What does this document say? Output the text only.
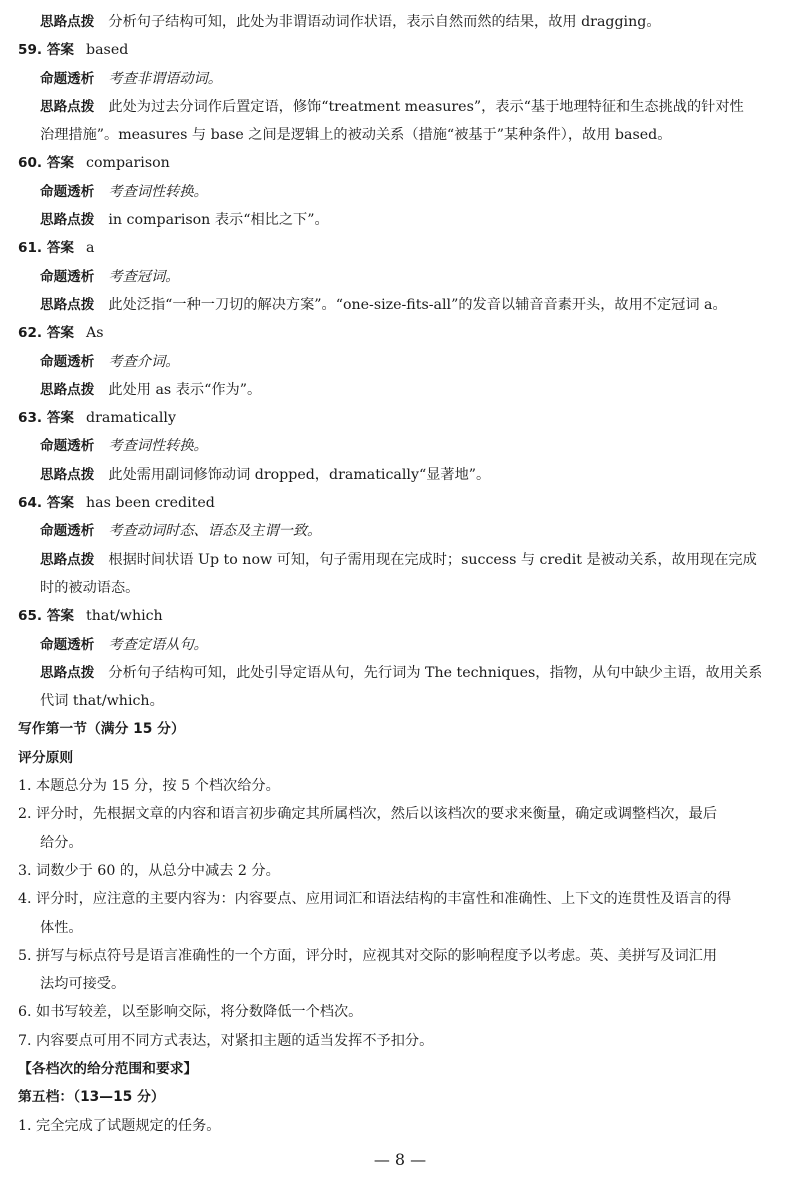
思路点拨 分析句子结构可知，此处为非谓语动词作状语，表示自然而然的结果，故用 dragging。
59. 答案 based
命题透析 考查非谓语动词。
思路点拨 此处为过去分词作后置定语，修饰“treatment measures”，表示“基于地理特征和生态挑战的针对性
治理措施”。measures 与 base 之间是逻辑上的被动关系（措施“被基于”某种条件），故用 based。
60. 答案 comparison
命题透析 考查词性转换。
思路点拨 in comparison 表示“相比之下”。
61. 答案 a
命题透析 考查冠词。
思路点拨 此处泛指“一种一刀切的解决方案”。“one-size-fits-all”的发音以辅音音素开头，故用不定冠词 a。
62. 答案 As
命题透析 考查介词。
思路点拨 此处用 as 表示“作为”。
63. 答案 dramatically
命题透析 考查词性转换。
思路点拨 此处需用副词修饰动词 dropped，dramatically“显著地”。
64. 答案 has been credited
命题透析 考查动词时态、语态及主谓一致。
思路点拨 根据时间状语 Up to now 可知，句子需用现在完成时；success 与 credit 是被动关系，故用现在完成
时的被动语态。
65. 答案 that/which
命题透析 考查定语从句。
思路点拨 分析句子结构可知，此处引导定语从句，先行词为 The techniques，指物，从句中缺少主语，故用关系
代词 that/which。
写作第一节（满分 15 分）
评分原则
1. 本题总分为 15 分，按 5 个档次给分。
2. 评分时，先根据文章的内容和语言初步确定其所属档次，然后以该档次的要求来衡量，确定或调整档次，最后
给分。
3. 词数少于 60 的，从总分中减去 2 分。
4. 评分时，应注意的主要内容为：内容要点、应用词汇和语法结构的丰富性和准确性、上下文的连贯性及语言的得
体性。
5. 拼写与标点符号是语言准确性的一个方面，评分时，应视其对交际的影响程度予以考虑。英、美拼写及词汇用
法均可接受。
6. 如书写较差，以至影响交际，将分数降低一个档次。
7. 内容要点可用不同方式表达，对紧扣主题的适当发挥不予扣分。
【各档次的给分范围和要求】
第五档：（13—15 分）
1. 完全完成了试题规定的任务。
— 8 —
